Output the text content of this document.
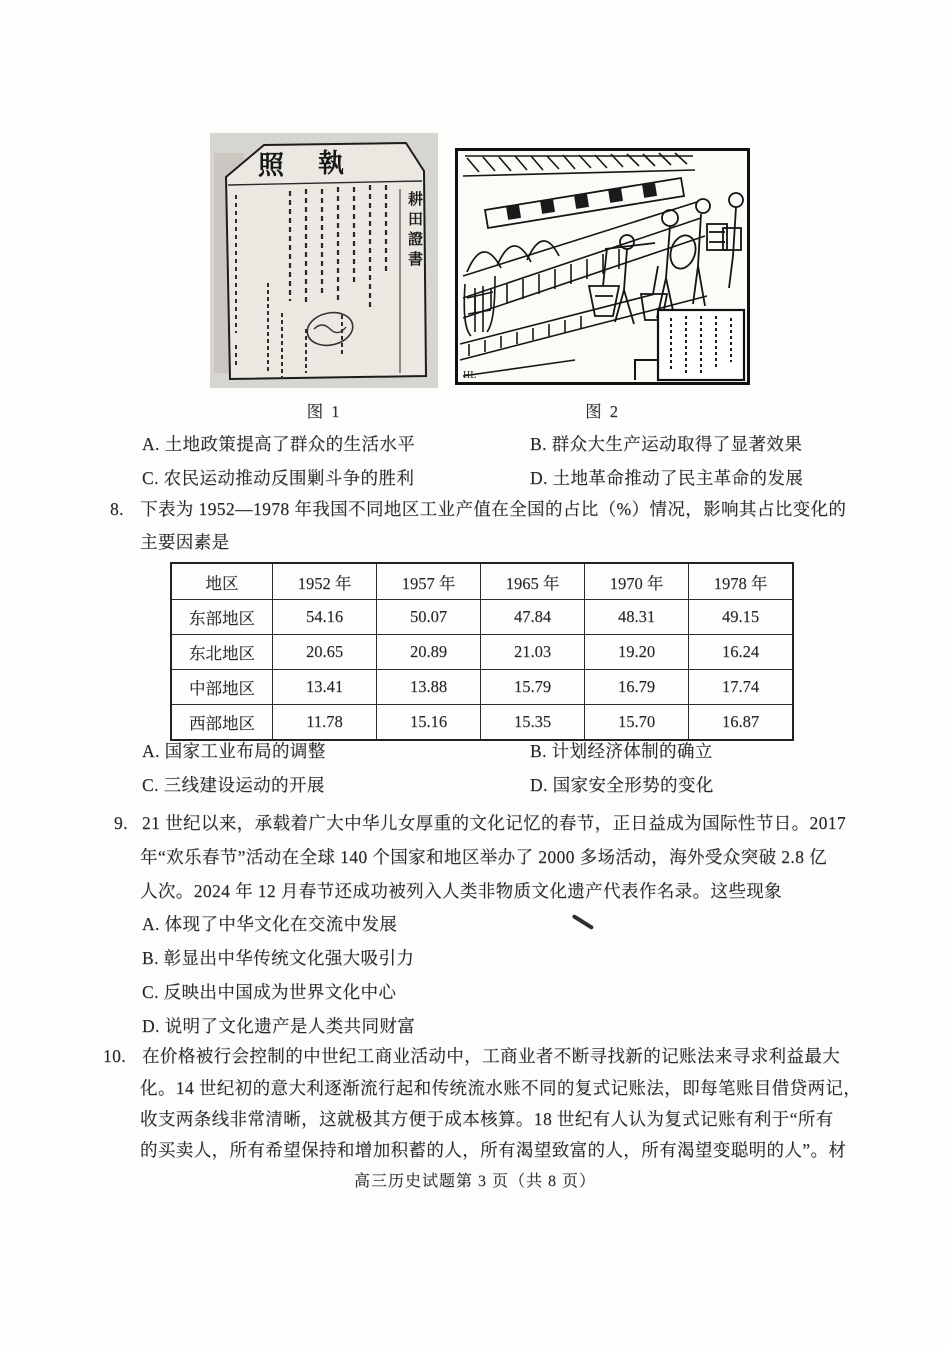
照 執
耕田證書
HL
图 1	图 2
A. 土地政策提高了群众的生活水平	B. 群众大生产运动取得了显著效果
C. 农民运动推动反围剿斗争的胜利	D. 土地革命推动了民主革命的发展
8. 下表为 1952—1978 年我国不同地区工业产值在全国的占比（%）情况，影响其占比变化的
主要因素是
地区	1952 年	1957 年	1965 年	1970 年	1978 年
东部地区	54.16	50.07	47.84	48.31	49.15
东北地区	20.65	20.89	21.03	19.20	16.24
中部地区	13.41	13.88	15.79	16.79	17.74
西部地区	11.78	15.16	15.35	15.70	16.87
A. 国家工业布局的调整	B. 计划经济体制的确立
C. 三线建设运动的开展	D. 国家安全形势的变化
9. 21 世纪以来，承载着广大中华儿女厚重的文化记忆的春节，正日益成为国际性节日。2017
年“欢乐春节”活动在全球 140 个国家和地区举办了 2000 多场活动，海外受众突破 2.8 亿
人次。2024 年 12 月春节还成功被列入人类非物质文化遗产代表作名录。这些现象
A. 体现了中华文化在交流中发展
B. 彰显出中华传统文化强大吸引力
C. 反映出中国成为世界文化中心
D. 说明了文化遗产是人类共同财富
10. 在价格被行会控制的中世纪工商业活动中，工商业者不断寻找新的记账法来寻求利益最大
化。14 世纪初的意大利逐渐流行起和传统流水账不同的复式记账法，即每笔账目借贷两记，
收支两条线非常清晰，这就极其方便于成本核算。18 世纪有人认为复式记账有利于“所有
的买卖人，所有希望保持和增加积蓄的人，所有渴望致富的人，所有渴望变聪明的人”。材
高三历史试题第 3 页（共 8 页）
